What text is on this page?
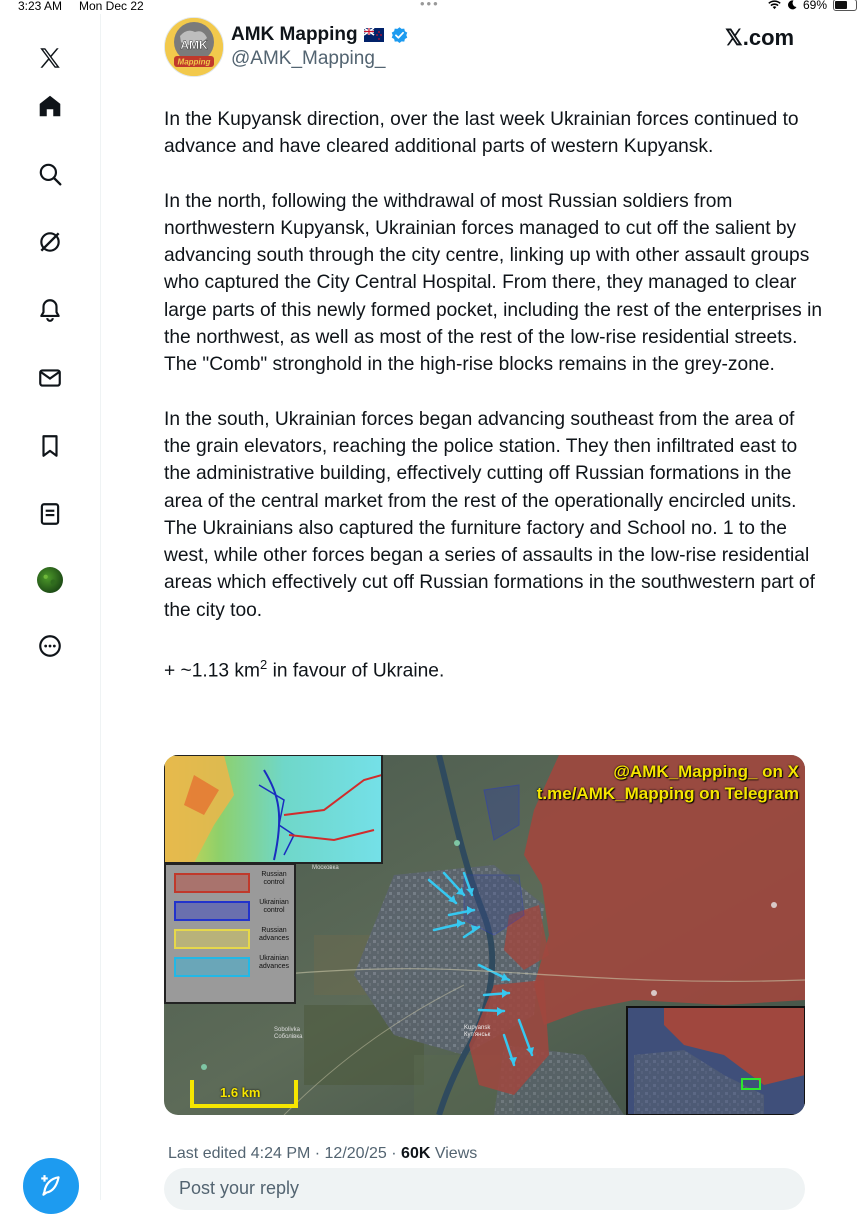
3:23 AM Mon Dec 22	•••	69%
AMK
Mapping
AMK Mapping
@AMK_Mapping_
𝕏.com

In the Kupyansk direction, over the last week Ukrainian forces continued to advance and have cleared additional parts of western Kupyansk.

In the north, following the withdrawal of most Russian soldiers from northwestern Kupyansk, Ukrainian forces managed to cut off the salient by advancing south through the city centre, linking up with other assault groups who captured the City Central Hospital. From there, they managed to clear large parts of this newly formed pocket, including the rest of the enterprises in the northwest, as well as most of the rest of the low-rise residential streets. The "Comb" stronghold in the high-rise blocks remains in the grey-zone.

In the south, Ukrainian forces began advancing southeast from the area of the grain elevators, reaching the police station. They then infiltrated east to the administrative building, effectively cutting off Russian formations in the area of the central market from the rest of the operationally encircled units. The Ukrainians also captured the furniture factory and School no. 1 to the west, while other forces began a series of assaults in the low-rise residential areas which effectively cut off Russian formations in the southwestern part of the city too.

+ ~1.13 $km^2$ in favour of Ukraine.

@AMK_Mapping_ on X
t.me/AMK_Mapping on Telegram
Московка
Kupyansk
Куп'янськ
Sobolivka
Соболівка
Russian control
Ukrainian control
Russian advances
Ukrainian advances
1.6 km
Last edited 4:24 PM · 12/20/25 · 60K Views
Post your reply
